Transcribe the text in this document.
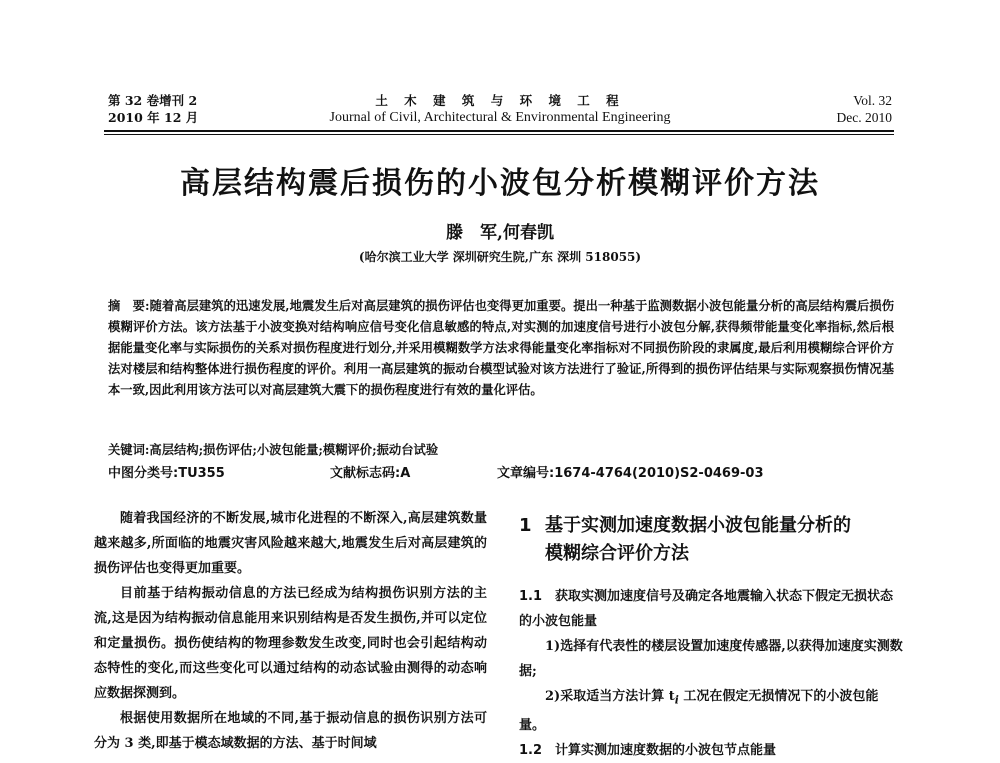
第 32 卷增刊 2
2010 年 12 月
土 木 建 筑 与 环 境 工 程
Journal of Civil, Architectural & Environmental Engineering
Vol. 32
Dec. 2010
高层结构震后损伤的小波包分析模糊评价方法
滕　军,何春凯
(哈尔滨工业大学 深圳研究生院,广东 深圳 518055)
摘　要:随着高层建筑的迅速发展,地震发生后对高层建筑的损伤评估也变得更加重要。提出一种基于监测数据小波包能量分析的高层结构震后损伤模糊评价方法。该方法基于小波变换对结构响应信号变化信息敏感的特点,对实测的加速度信号进行小波包分解,获得频带能量变化率指标,然后根据能量变化率与实际损伤的关系对损伤程度进行划分,并采用模糊数学方法求得能量变化率指标对不同损伤阶段的隶属度,最后利用模糊综合评价方法对楼层和结构整体进行损伤程度的评价。利用一高层建筑的振动台模型试验对该方法进行了验证,所得到的损伤评估结果与实际观察损伤情况基本一致,因此利用该方法可以对高层建筑大震下的损伤程度进行有效的量化评估。
关键词:高层结构;损伤评估;小波包能量;模糊评价;振动台试验
中图分类号:TU355	文献标志码:A	文章编号:1674-4764(2010)S2-0469-03

随着我国经济的不断发展,城市化进程的不断深入,高层建筑数量越来越多,所面临的地震灾害风险越来越大,地震发生后对高层建筑的损伤评估也变得更加重要。

目前基于结构振动信息的方法已经成为结构损伤识别方法的主流,这是因为结构振动信息能用来识别结构是否发生损伤,并可以定位和定量损伤。损伤使结构的物理参数发生改变,同时也会引起结构动态特性的变化,而这些变化可以通过结构的动态试验由测得的动态响应数据探测到。

根据使用数据所在地域的不同,基于振动信息的损伤识别方法可分为 3 类,即基于模态域数据的方法、基于时间域

1 基于实测加速度数据小波包能量分析的
模糊综合评价方法
1.1　获取实测加速度信号及确定各地震输入状态下假定无损状态的小波包能量
1)选择有代表性的楼层设置加速度传感器,以获得加速度实测数据;
2)采取适当方法计算 $t_i$ 工况在假定无损情况下的小波包能量。
1.2　计算实测加速度数据的小波包节点能量
